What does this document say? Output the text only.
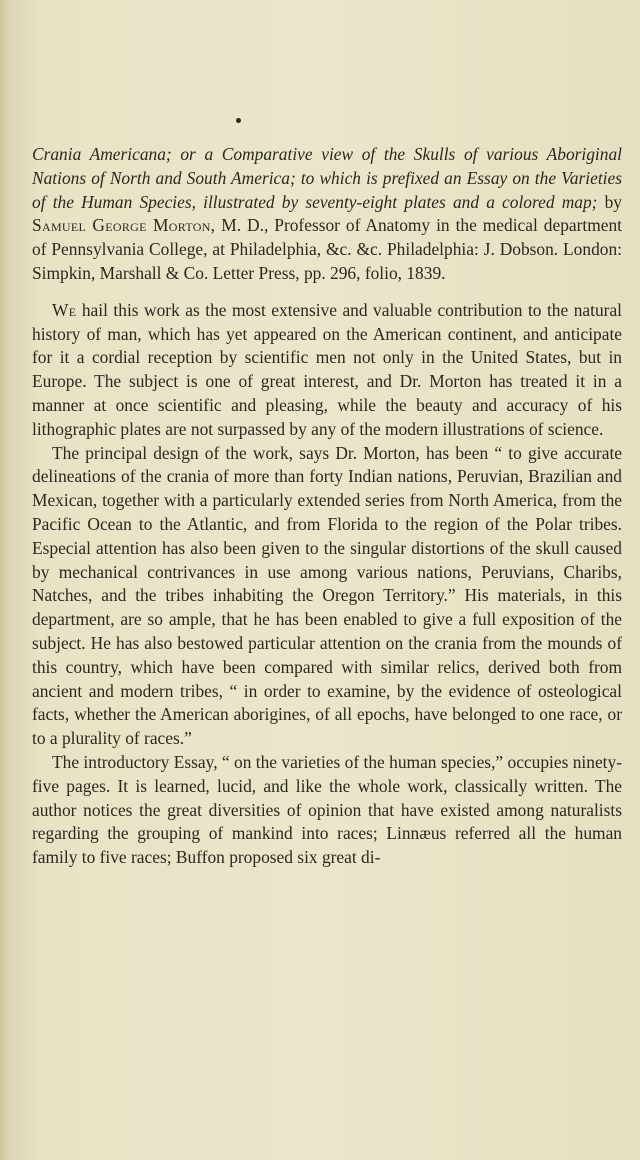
Crania Americana; or a Comparative view of the Skulls of various Aboriginal Nations of North and South America; to which is prefixed an Essay on the Varieties of the Human Species, illustrated by seventy-eight plates and a colored map; by Samuel George Morton, M. D., Professor of Anatomy in the medical department of Pennsylvania College, at Philadelphia, &c. &c. Philadelphia: J. Dobson. London: Simpkin, Marshall & Co. Letter Press, pp. 296, folio, 1839.

We hail this work as the most extensive and valuable contribution to the natural history of man, which has yet appeared on the American continent, and anticipate for it a cordial reception by scientific men not only in the United States, but in Europe. The subject is one of great interest, and Dr. Morton has treated it in a manner at once scientific and pleasing, while the beauty and accuracy of his lithographic plates are not surpassed by any of the modern illustrations of science.

The principal design of the work, says Dr. Morton, has been “ to give accurate delineations of the crania of more than forty Indian nations, Peruvian, Brazilian and Mexican, together with a particularly extended series from North America, from the Pacific Ocean to the Atlantic, and from Florida to the region of the Polar tribes. Especial attention has also been given to the singular distortions of the skull caused by mechanical contrivances in use among various nations, Peruvians, Charibs, Natches, and the tribes inhabiting the Oregon Territory.” His materials, in this department, are so ample, that he has been enabled to give a full exposition of the subject. He has also bestowed particular attention on the crania from the mounds of this country, which have been compared with similar relics, derived both from ancient and modern tribes, “ in order to examine, by the evidence of osteological facts, whether the American aborigines, of all epochs, have belonged to one race, or to a plurality of races.”

The introductory Essay, “ on the varieties of the human species,” occupies ninety-five pages. It is learned, lucid, and like the whole work, classically written. The author notices the great diversities of opinion that have existed among naturalists regarding the grouping of mankind into races; Linnæus referred all the human family to five races; Buffon proposed six great di-
